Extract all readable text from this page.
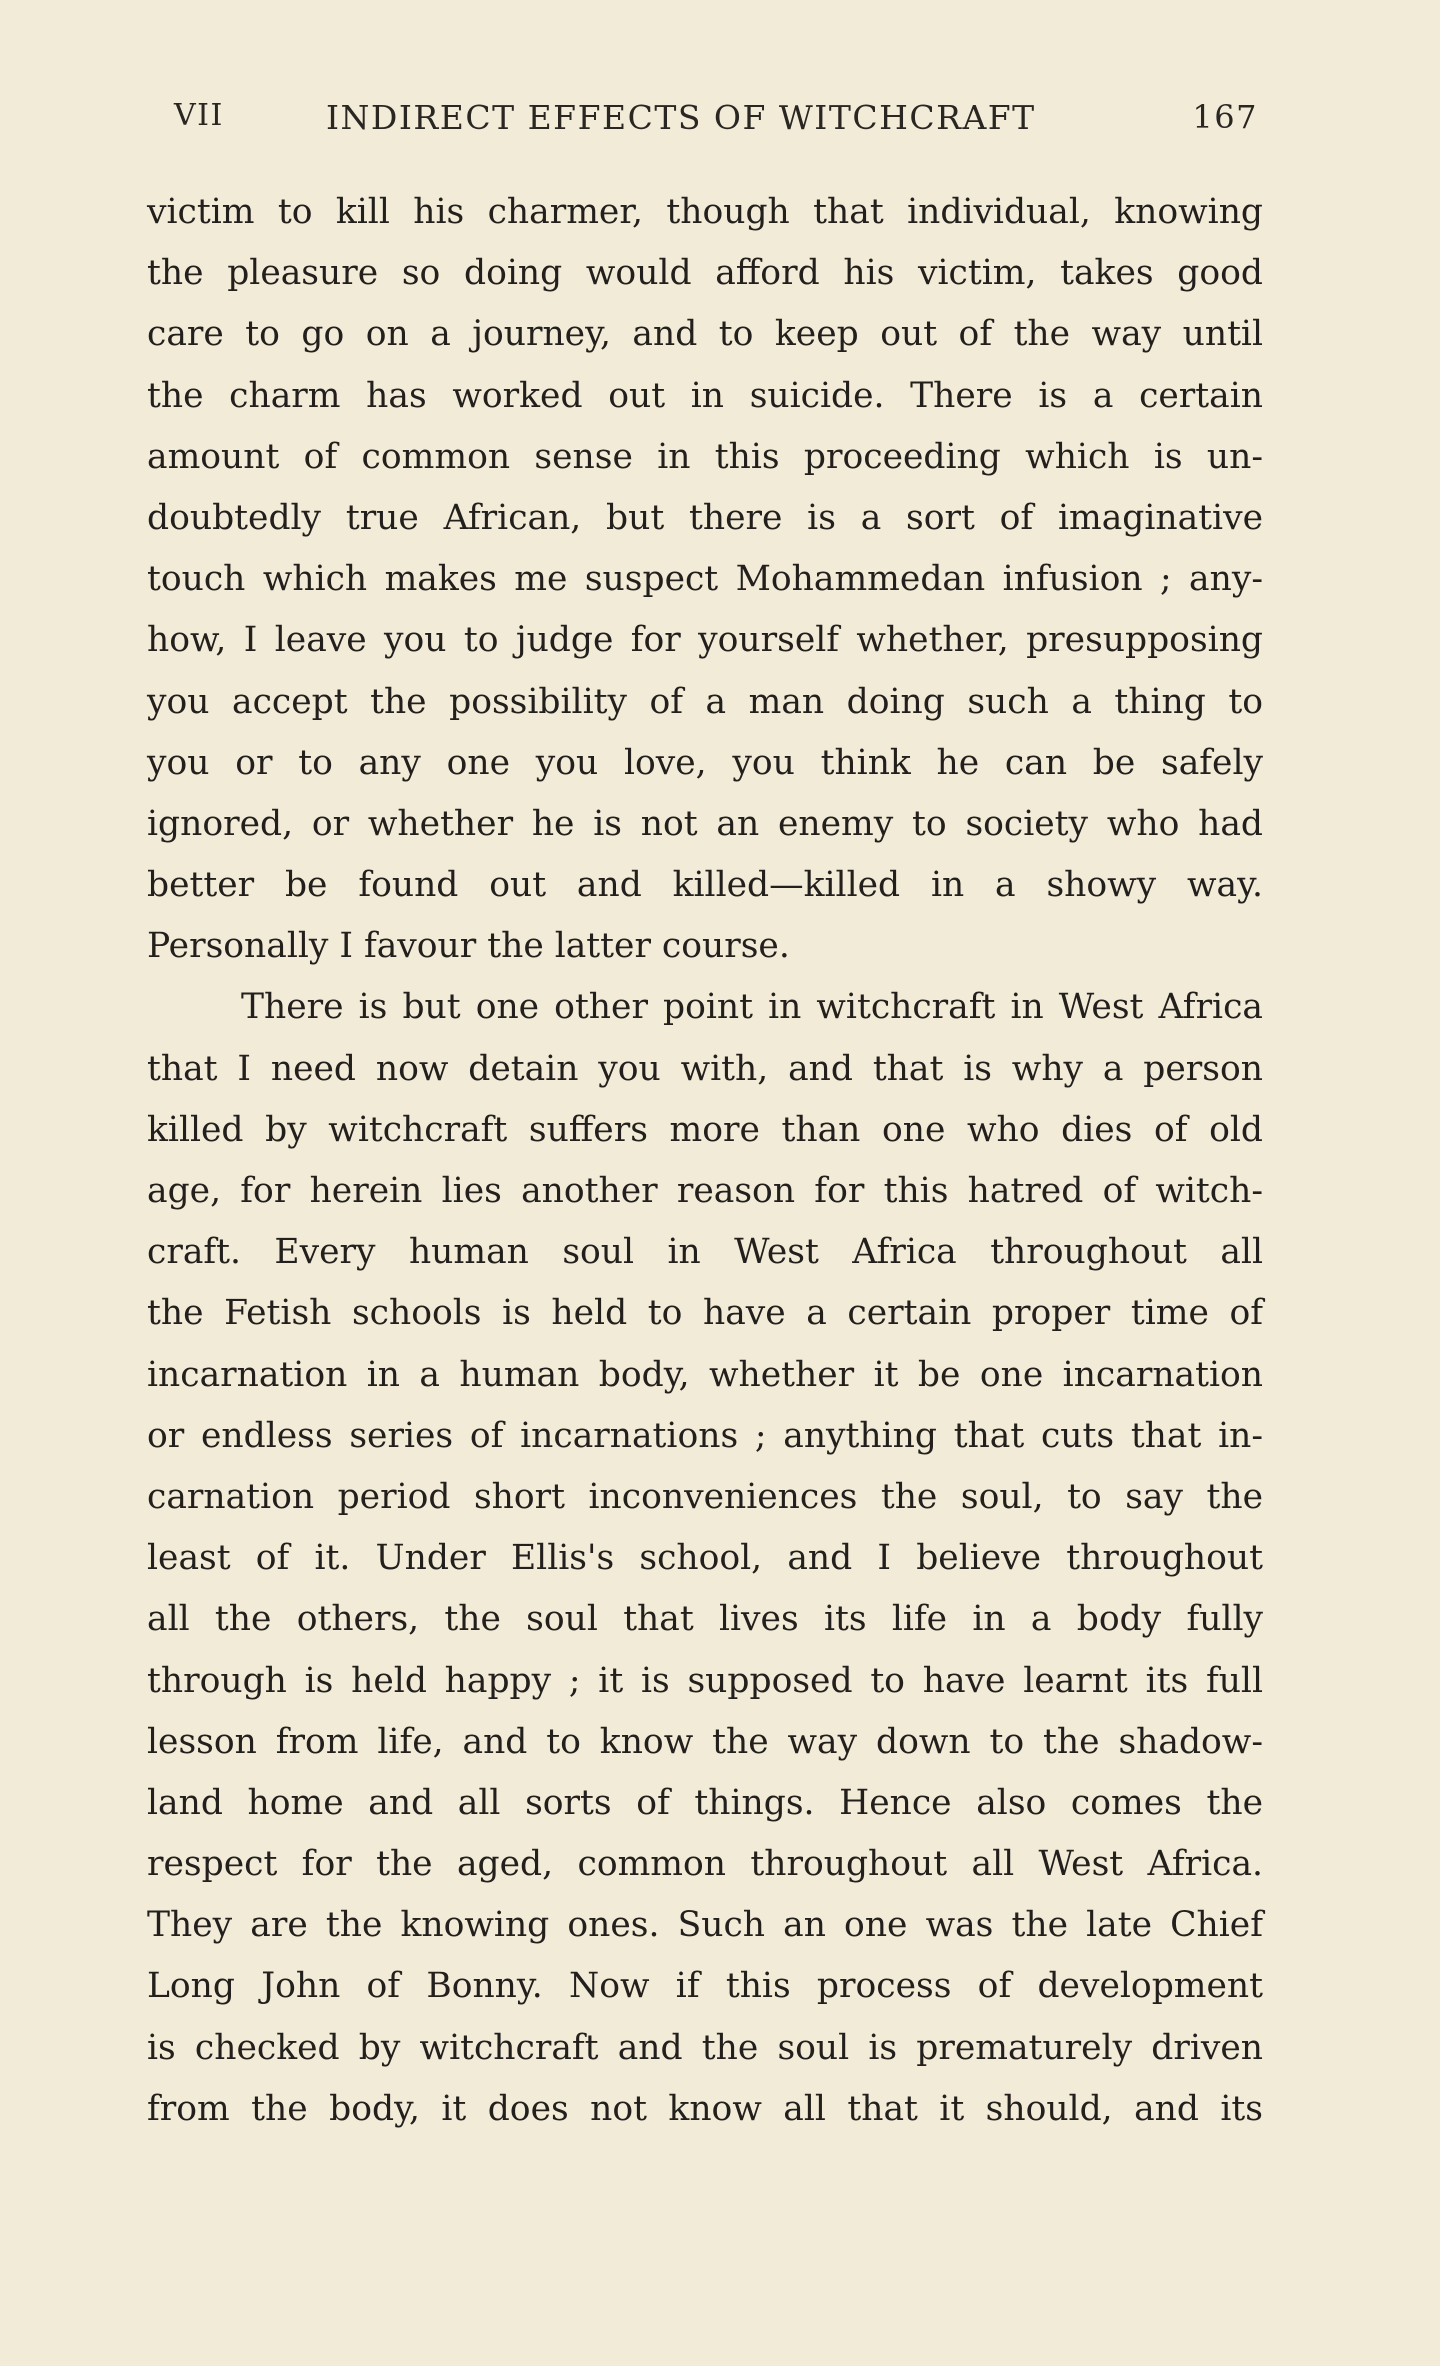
VII	INDIRECT EFFECTS OF WITCHCRAFT	167
victim to kill his charmer, though that individual, knowing
the pleasure so doing would afford his victim, takes good
care to go on a journey, and to keep out of the way until
the charm has worked out in suicide. There is a certain
amount of common sense in this proceeding which is un-
doubtedly true African, but there is a sort of imaginative
touch which makes me suspect Mohammedan infusion ; any-
how, I leave you to judge for yourself whether, presupposing
you accept the possibility of a man doing such a thing to
you or to any one you love, you think he can be safely
ignored, or whether he is not an enemy to society who had
better be found out and killed—killed in a showy way.
Personally I favour the latter course.
There is but one other point in witchcraft in West Africa
that I need now detain you with, and that is why a person
killed by witchcraft suffers more than one who dies of old
age, for herein lies another reason for this hatred of witch-
craft. Every human soul in West Africa throughout all
the Fetish schools is held to have a certain proper time of
incarnation in a human body, whether it be one incarnation
or endless series of incarnations ; anything that cuts that in-
carnation period short inconveniences the soul, to say the
least of it. Under Ellis's school, and I believe throughout
all the others, the soul that lives its life in a body fully
through is held happy ; it is supposed to have learnt its full
lesson from life, and to know the way down to the shadow-
land home and all sorts of things. Hence also comes the
respect for the aged, common throughout all West Africa.
They are the knowing ones. Such an one was the late Chief
Long John of Bonny. Now if this process of development
is checked by witchcraft and the soul is prematurely driven
from the body, it does not know all that it should, and its
